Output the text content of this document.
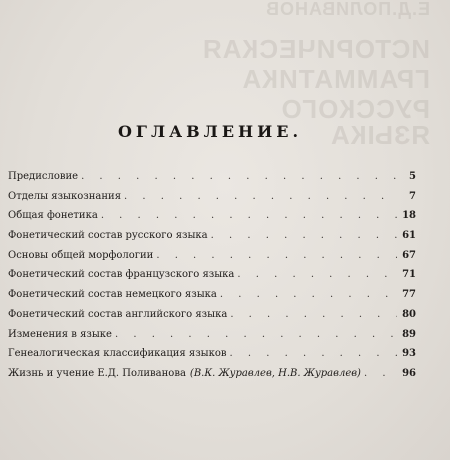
Е.Д.ПОЛИВАНОВ
ИСТОРИЧЕСКАЯ
ГРАММАТИКА
РУССКОГО ЯЗЫКА
ОГЛАВЛЕНИЕ.
Предисловие . . .	5
Отделы языкознания . . .	7
Общая фонетика . . .	18
Фонетический состав русского языка . . .	61
Основы общей морфологии . . .	67
Фонетический состав французского языка . . .	71
Фонетический состав немецкого языка . . .	77
Фонетический состав английского языка . . .	80
Изменения в языке . . .	89
Генеалогическая классификация языков . . .	93
Жизнь и учение Е.Д. Поливанова (В.К. Журавлев, Н.В. Журавлев) . . .	96
